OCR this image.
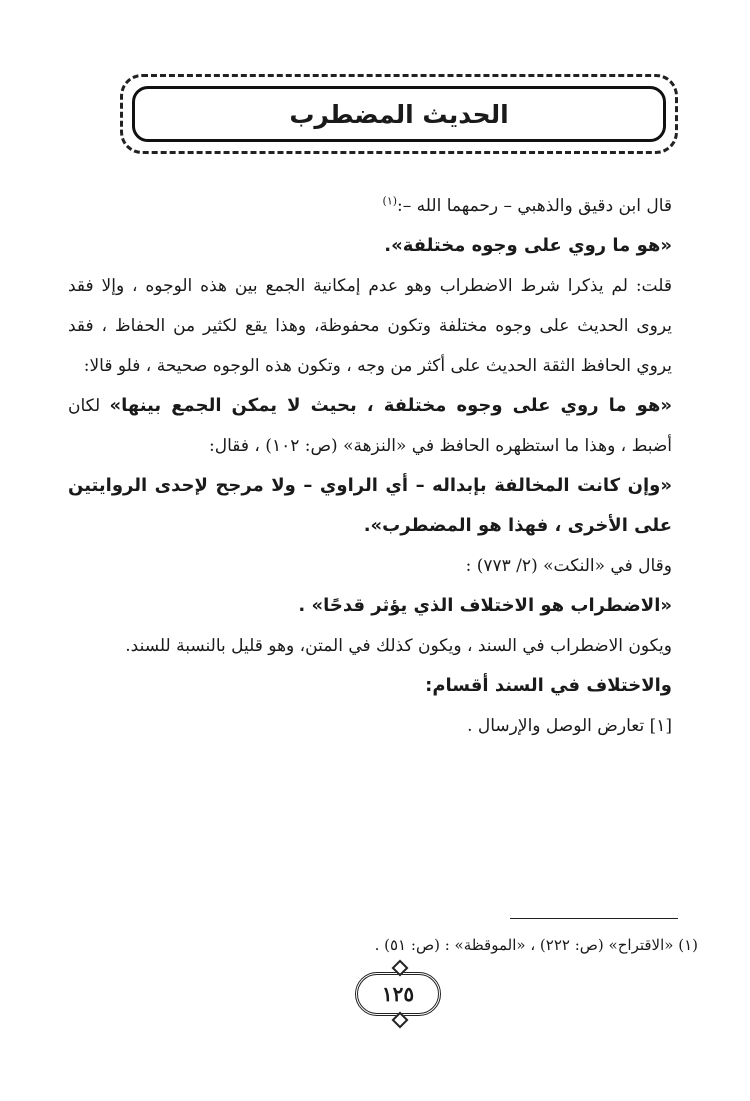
الحديث المضطرب

قال ابن دقيق والذهبي – رحمهما الله –:$^{(١)}$

«هو ما روي على وجوه مختلفة».

قلت: لم يذكرا شرط الاضطراب وهو عدم إمكانية الجمع بين هذه الوجوه ، وإلا فقد يروى الحديث على وجوه مختلفة وتكون محفوظة، وهذا يقع لكثير من الحفاظ ، فقد يروي الحافظ الثقة الحديث على أكثر من وجه ، وتكون هذه الوجوه صحيحة ، فلو قالا:

«هو ما روي على وجوه مختلفة ، بحيث لا يمكن الجمع بينها» لكان أضبط ، وهذا ما استظهره الحافظ في «النزهة» (ص: ١٠٢) ، فقال:

«وإن كانت المخالفة بإبداله – أي الراوي – ولا مرجح لإحدى الروايتين على الأخرى ، فهذا هو المضطرب».

وقال في «النكت» (٢/ ٧٧٣) :

«الاضطراب هو الاختلاف الذي يؤثر قدحًا» .

ويكون الاضطراب في السند ، ويكون كذلك في المتن، وهو قليل بالنسبة للسند.

والاختلاف في السند أقسام:

[١] تعارض الوصل والإرسال .

(١) «الاقتراح» (ص: ٢٢٢) ، «الموقظة» : (ص: ٥١) .
١٢٥
